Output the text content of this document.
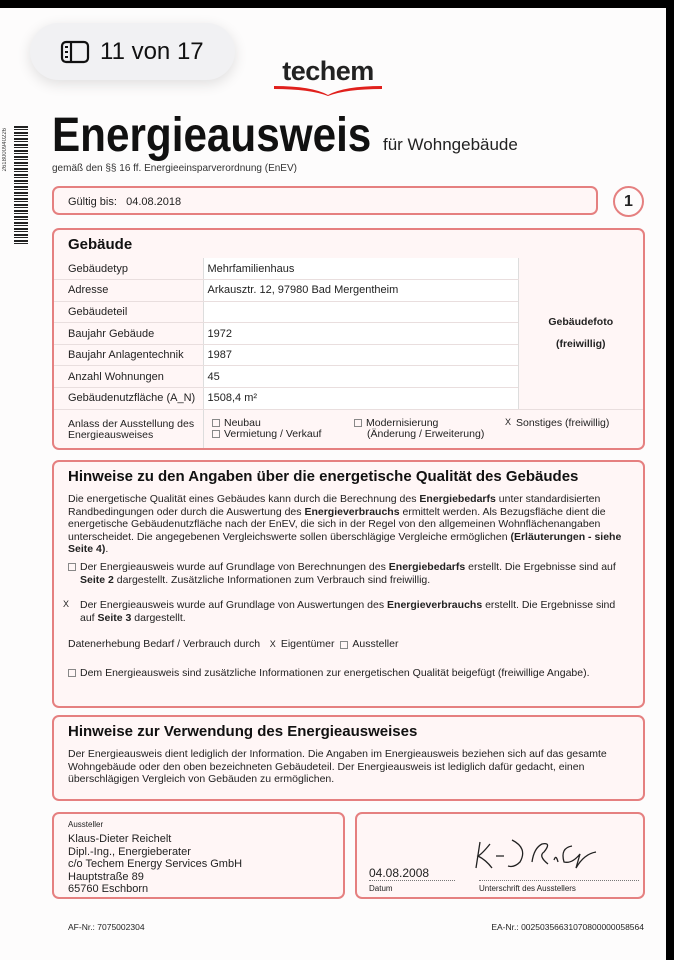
2618000940226
techem
Energieausweis für Wohngebäude
gemäß den §§ 16 ff. Energieeinsparverordnung (EnEV)
Gültig bis: 04.08.2018	1
Gebäude
Gebäudetyp	Mehrfamilienhaus	Gebäudefoto
(freiwillig)

Adresse	Arkausztr. 12, 97980 Bad Mergentheim	
Gebäudeteil		
Baujahr Gebäude	1972	
Baujahr Anlagentechnik	1987	
Anzahl Wohnungen	45	
Gebäudenutzfläche (A_N)	1508,4 m²	
Anlass der Ausstellung des Energieausweises
Neubau
Vermietung / Verkauf
Modernisierung
(Änderung / Erweiterung)
X Sonstiges (freiwillig)
Hinweise zu den Angaben über die energetische Qualität des Gebäudes

Die energetische Qualität eines Gebäudes kann durch die Berechnung des Energiebedarfs unter standardisierten Randbedingungen oder durch die Auswertung des Energieverbrauchs ermittelt werden. Als Bezugsfläche dient die energetische Gebäudenutzfläche nach der EnEV, die sich in der Regel von den allgemeinen Wohnflächenangaben unterscheidet. Die angegebenen Vergleichswerte sollen überschlägige Vergleiche ermöglichen (Erläuterungen - siehe Seite 4).

Der Energieausweis wurde auf Grundlage von Berechnungen des Energiebedarfs erstellt. Die Ergebnisse sind auf Seite 2 dargestellt. Zusätzliche Informationen zum Verbrauch sind freiwillig.

X Der Energieausweis wurde auf Grundlage von Auswertungen des Energieverbrauchs erstellt. Die Ergebnisse sind auf Seite 3 dargestellt.

Datenerhebung Bedarf / Verbrauch durch X Eigentümer Aussteller

Dem Energieausweis sind zusätzliche Informationen zur energetischen Qualität beigefügt (freiwillige Angabe).

Hinweise zur Verwendung des Energieausweises

Der Energieausweis dient lediglich der Information. Die Angaben im Energieausweis beziehen sich auf das gesamte Wohngebäude oder den oben bezeichneten Gebäudeteil. Der Energieausweis ist lediglich dafür gedacht, einen überschlägigen Vergleich von Gebäuden zu ermöglichen.

Aussteller
Klaus-Dieter Reichelt
Dipl.-Ing., Energieberater
c/o Techem Energy Services GmbH
Hauptstraße 89
65760 Eschborn
04.08.2008
Datum	Unterschrift des Ausstellers
AF-Nr.: 7075002304	EA-Nr.: 00250356631070800000058564
11 von 17
